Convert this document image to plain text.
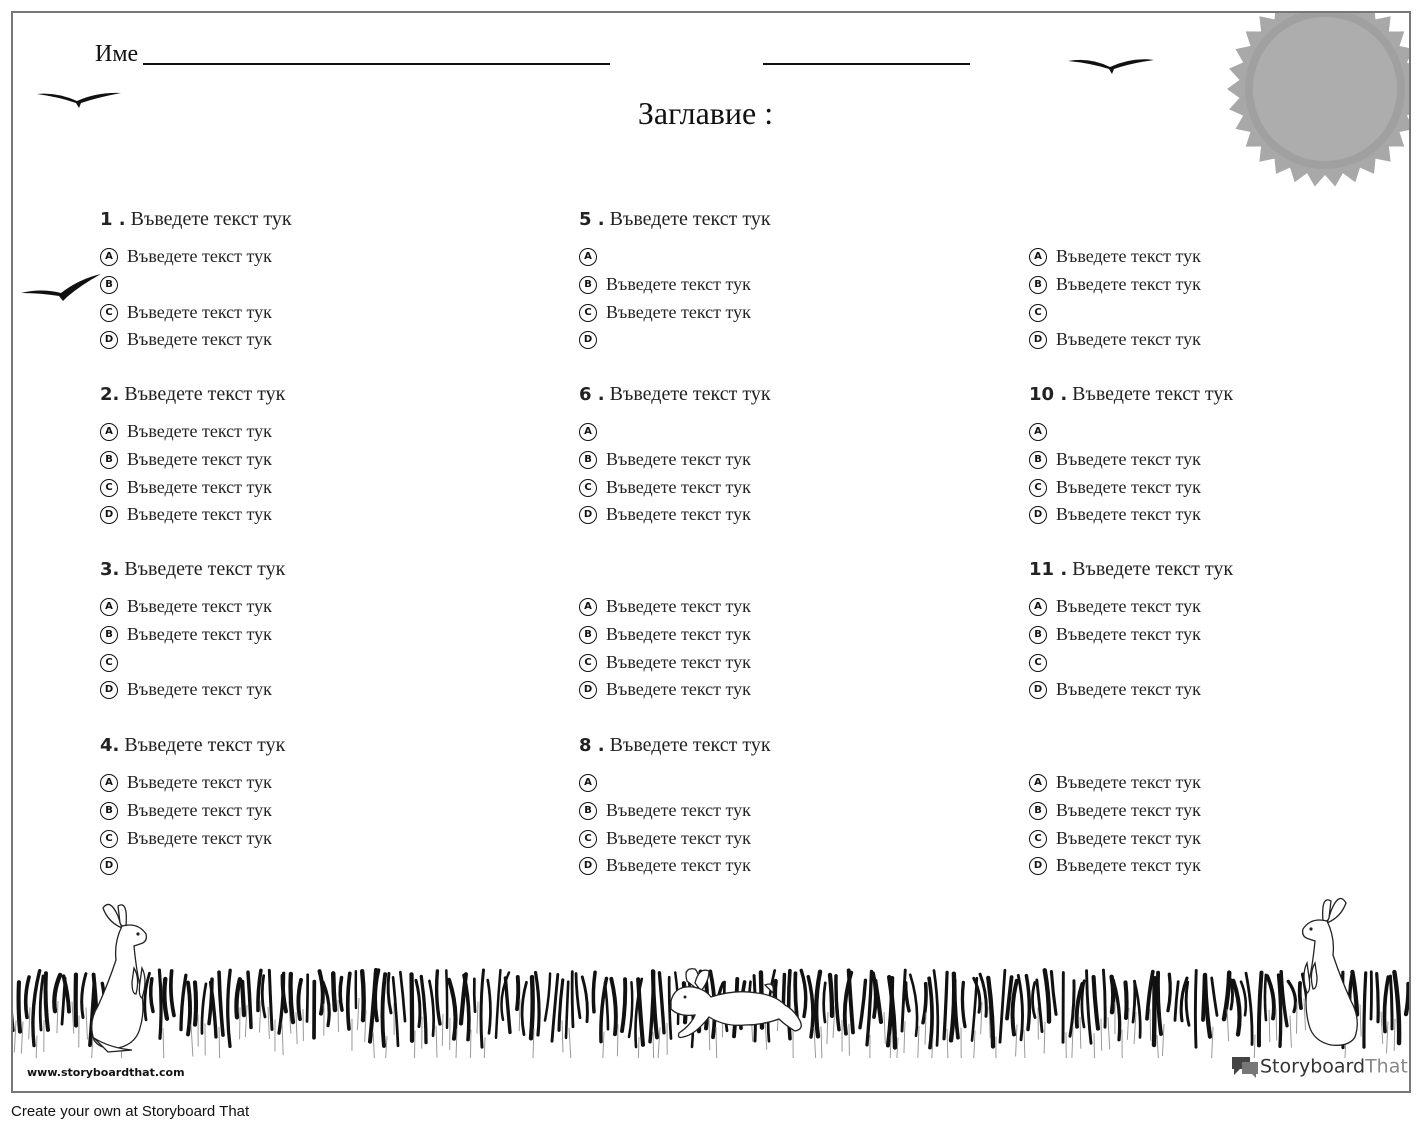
Име
Заглавие :
1 . Въведете текст тук
A Въведете текст тук
B
C Въведете текст тук
D Въведете текст тук
2. Въведете текст тук
A Въведете текст тук
B Въведете текст тук
C Въведете текст тук
D Въведете текст тук
3. Въведете текст тук
A Въведете текст тук
B Въведете текст тук
C
D Въведете текст тук
4. Въведете текст тук
A Въведете текст тук
B Въведете текст тук
C Въведете текст тук
D
5 . Въведете текст тук
A
B Въведете текст тук
C Въведете текст тук
D
6 . Въведете текст тук
A
B Въведете текст тук
C Въведете текст тук
D Въведете текст тук
A Въведете текст тук
B Въведете текст тук
C Въведете текст тук
D Въведете текст тук
8 . Въведете текст тук
A
B Въведете текст тук
C Въведете текст тук
D Въведете текст тук
A Въведете текст тук
B Въведете текст тук
C
D Въведете текст тук
10 . Въведете текст тук
A
B Въведете текст тук
C Въведете текст тук
D Въведете текст тук
11 . Въведете текст тук
A Въведете текст тук
B Въведете текст тук
C
D Въведете текст тук
A Въведете текст тук
B Въведете текст тук
C Въведете текст тук
D Въведете текст тук
www.storyboardthat.com	StoryboardThat
Create your own at Storyboard That
